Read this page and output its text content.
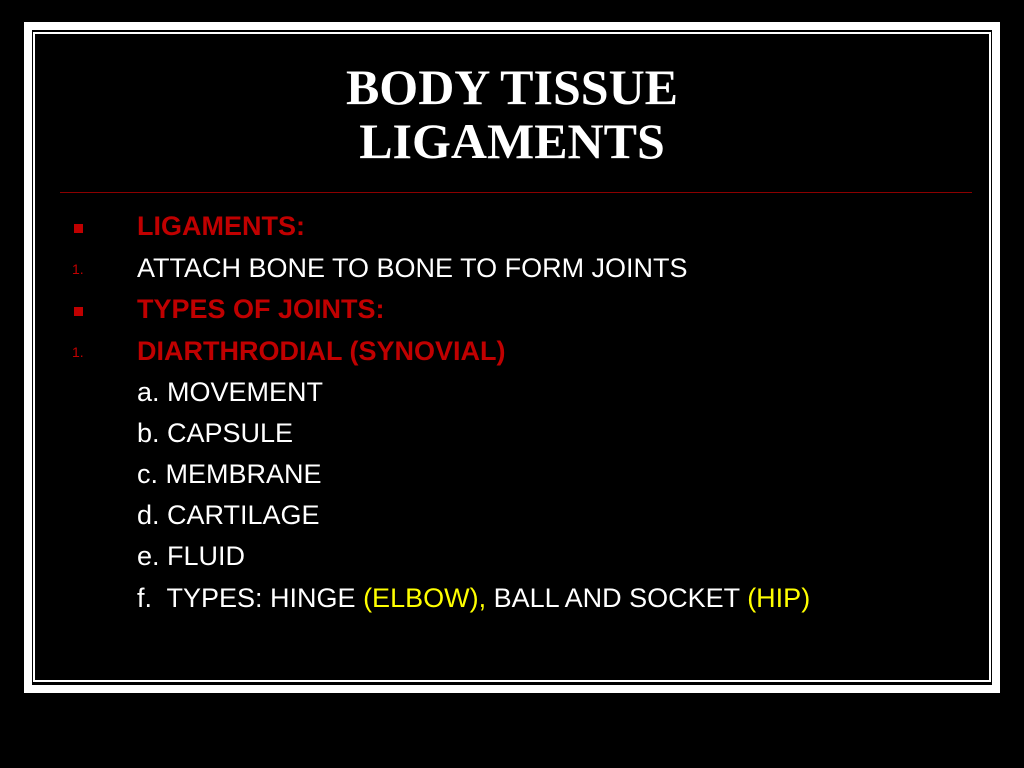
BODY TISSUE
LIGAMENTS
LIGAMENTS:
1. ATTACH BONE TO BONE TO FORM JOINTS
TYPES OF JOINTS:
1. DIARTHRODIAL (SYNOVIAL)
a. MOVEMENT
b. CAPSULE
c. MEMBRANE
d. CARTILAGE
e. FLUID
f.  TYPES: HINGE (ELBOW), BALL AND SOCKET (HIP)
